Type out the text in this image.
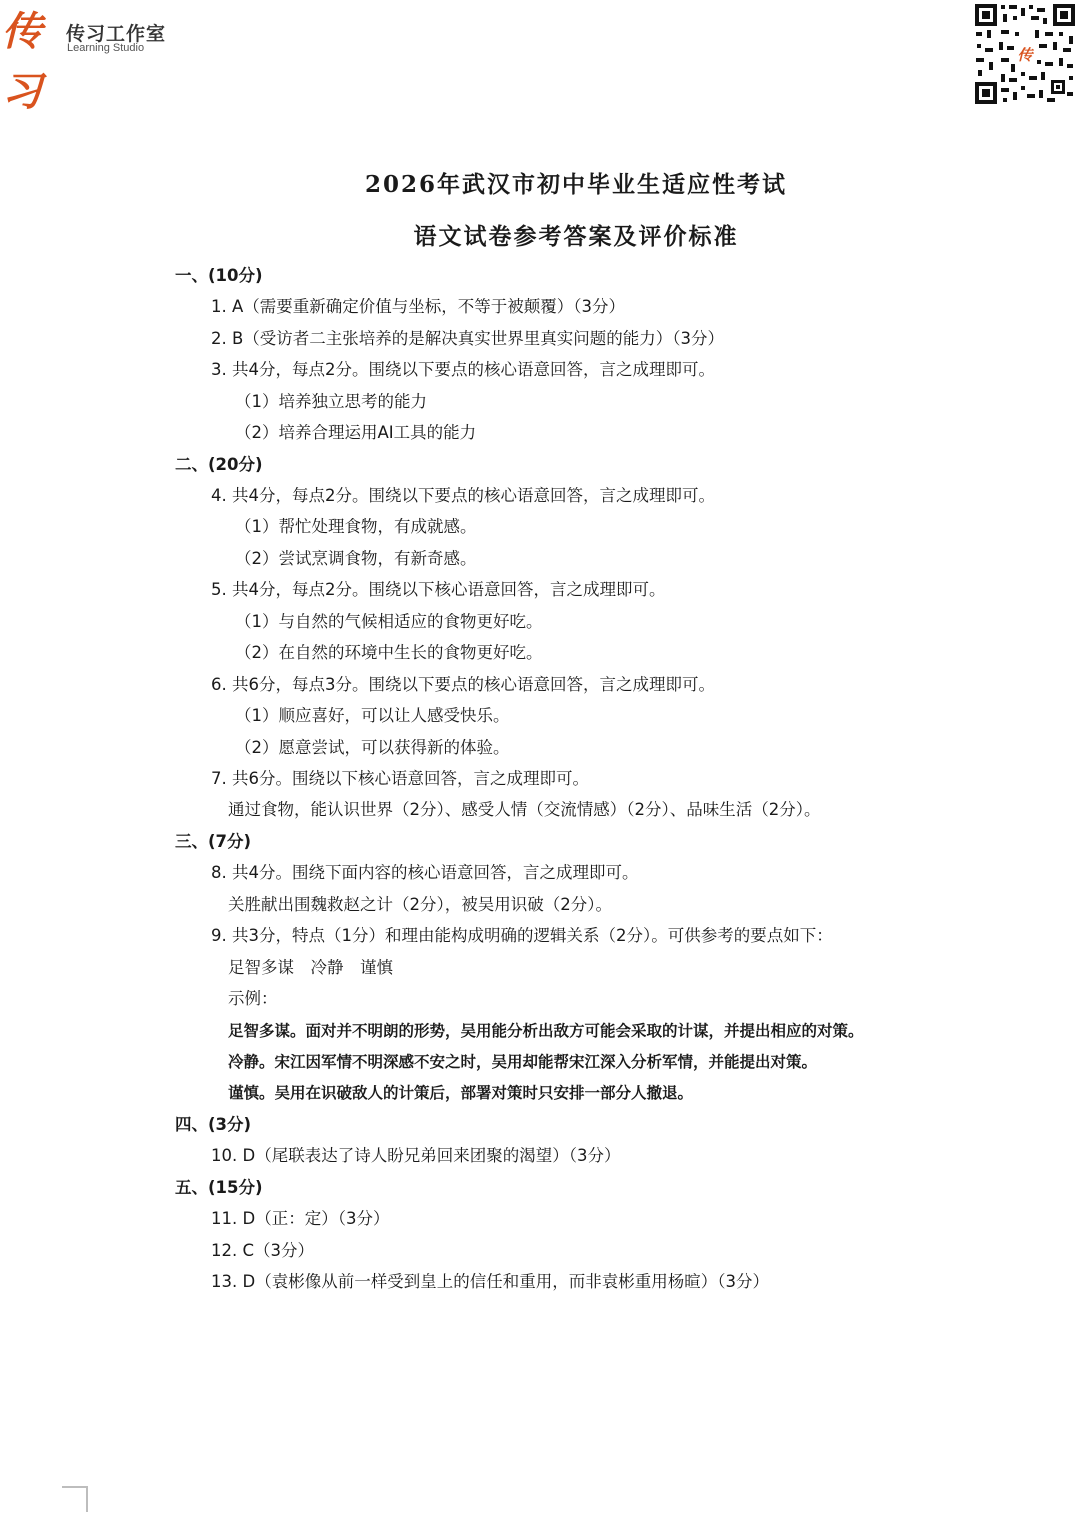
传习
传习工作室
Learning Studio	传
2026年武汉市初中毕业生适应性考试
语文试卷参考答案及评价标准
一、(10分)
1. A（需要重新确定价值与坐标，不等于被颠覆）（3分）
2. B（受访者二主张培养的是解决真实世界里真实问题的能力）（3分）
3. 共4分，每点2分。围绕以下要点的核心语意回答，言之成理即可。
（1）培养独立思考的能力
（2）培养合理运用AI工具的能力
二、(20分)
4. 共4分，每点2分。围绕以下要点的核心语意回答，言之成理即可。
（1）帮忙处理食物，有成就感。
（2）尝试烹调食物，有新奇感。
5. 共4分，每点2分。围绕以下核心语意回答，言之成理即可。
（1）与自然的气候相适应的食物更好吃。
（2）在自然的环境中生长的食物更好吃。
6. 共6分，每点3分。围绕以下要点的核心语意回答，言之成理即可。
（1）顺应喜好，可以让人感受快乐。
（2）愿意尝试，可以获得新的体验。
7. 共6分。围绕以下核心语意回答，言之成理即可。
通过食物，能认识世界（2分）、感受人情（交流情感）（2分）、品味生活（2分）。
三、(7分)
8. 共4分。围绕下面内容的核心语意回答，言之成理即可。
关胜献出围魏救赵之计（2分），被吴用识破（2分）。
9. 共3分，特点（1分）和理由能构成明确的逻辑关系（2分）。可供参考的要点如下：
足智多谋　冷静　谨慎
示例：
足智多谋。面对并不明朗的形势，吴用能分析出敌方可能会采取的计谋，并提出相应的对策。
冷静。宋江因军情不明深感不安之时，吴用却能帮宋江深入分析军情，并能提出对策。
谨慎。吴用在识破敌人的计策后，部署对策时只安排一部分人撤退。
四、(3分)
10. D（尾联表达了诗人盼兄弟回来团聚的渴望）（3分）
五、(15分)
11. D（正：定）（3分）
12. C（3分）
13. D（袁彬像从前一样受到皇上的信任和重用，而非袁彬重用杨暄）（3分）
